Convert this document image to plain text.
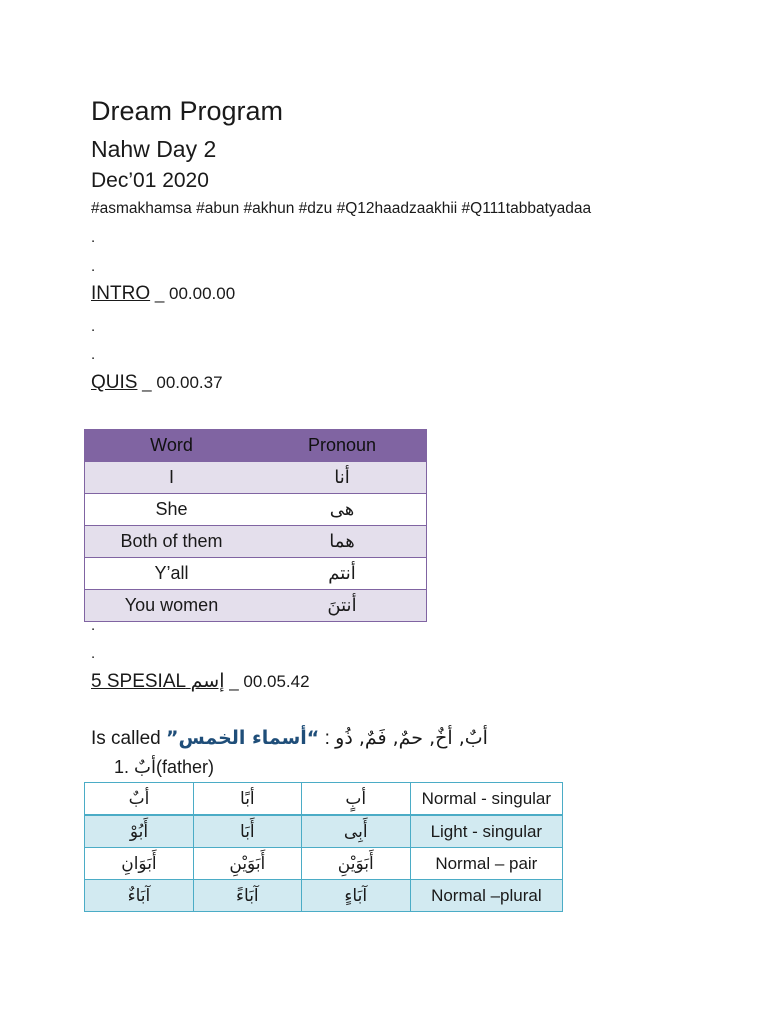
Dream Program
Nahw Day 2
Dec’01 2020
#asmakhamsa #abun #akhun #dzu #Q12haadzaakhii #Q111tabbatyadaa
.
.
INTRO _ 00.00.00
.
.
QUIS _ 00.00.37
Word	Pronoun
I	أنا
She	هى
Both of them	هما
Y’all	أنتم
You women	أنتنَ
.
.
5 SPESIAL إسم _ 00.05.42
Is called “أسماء الخمس” : أبٌ, أخٌ, حمٌ, فَمٌ, ذُو
1. أبٌ(father)
أبٌ	أبًا	أبٍ	Normal - singular
أَبُوْ	أَبَا	أَبِى	Light - singular
أَبَوَانِ	أَبَوَيْنِ	أَبَوَيْنِ	Normal – pair
آبَاءٌ	آبَاءً	آبَاءٍ	Normal –plural
